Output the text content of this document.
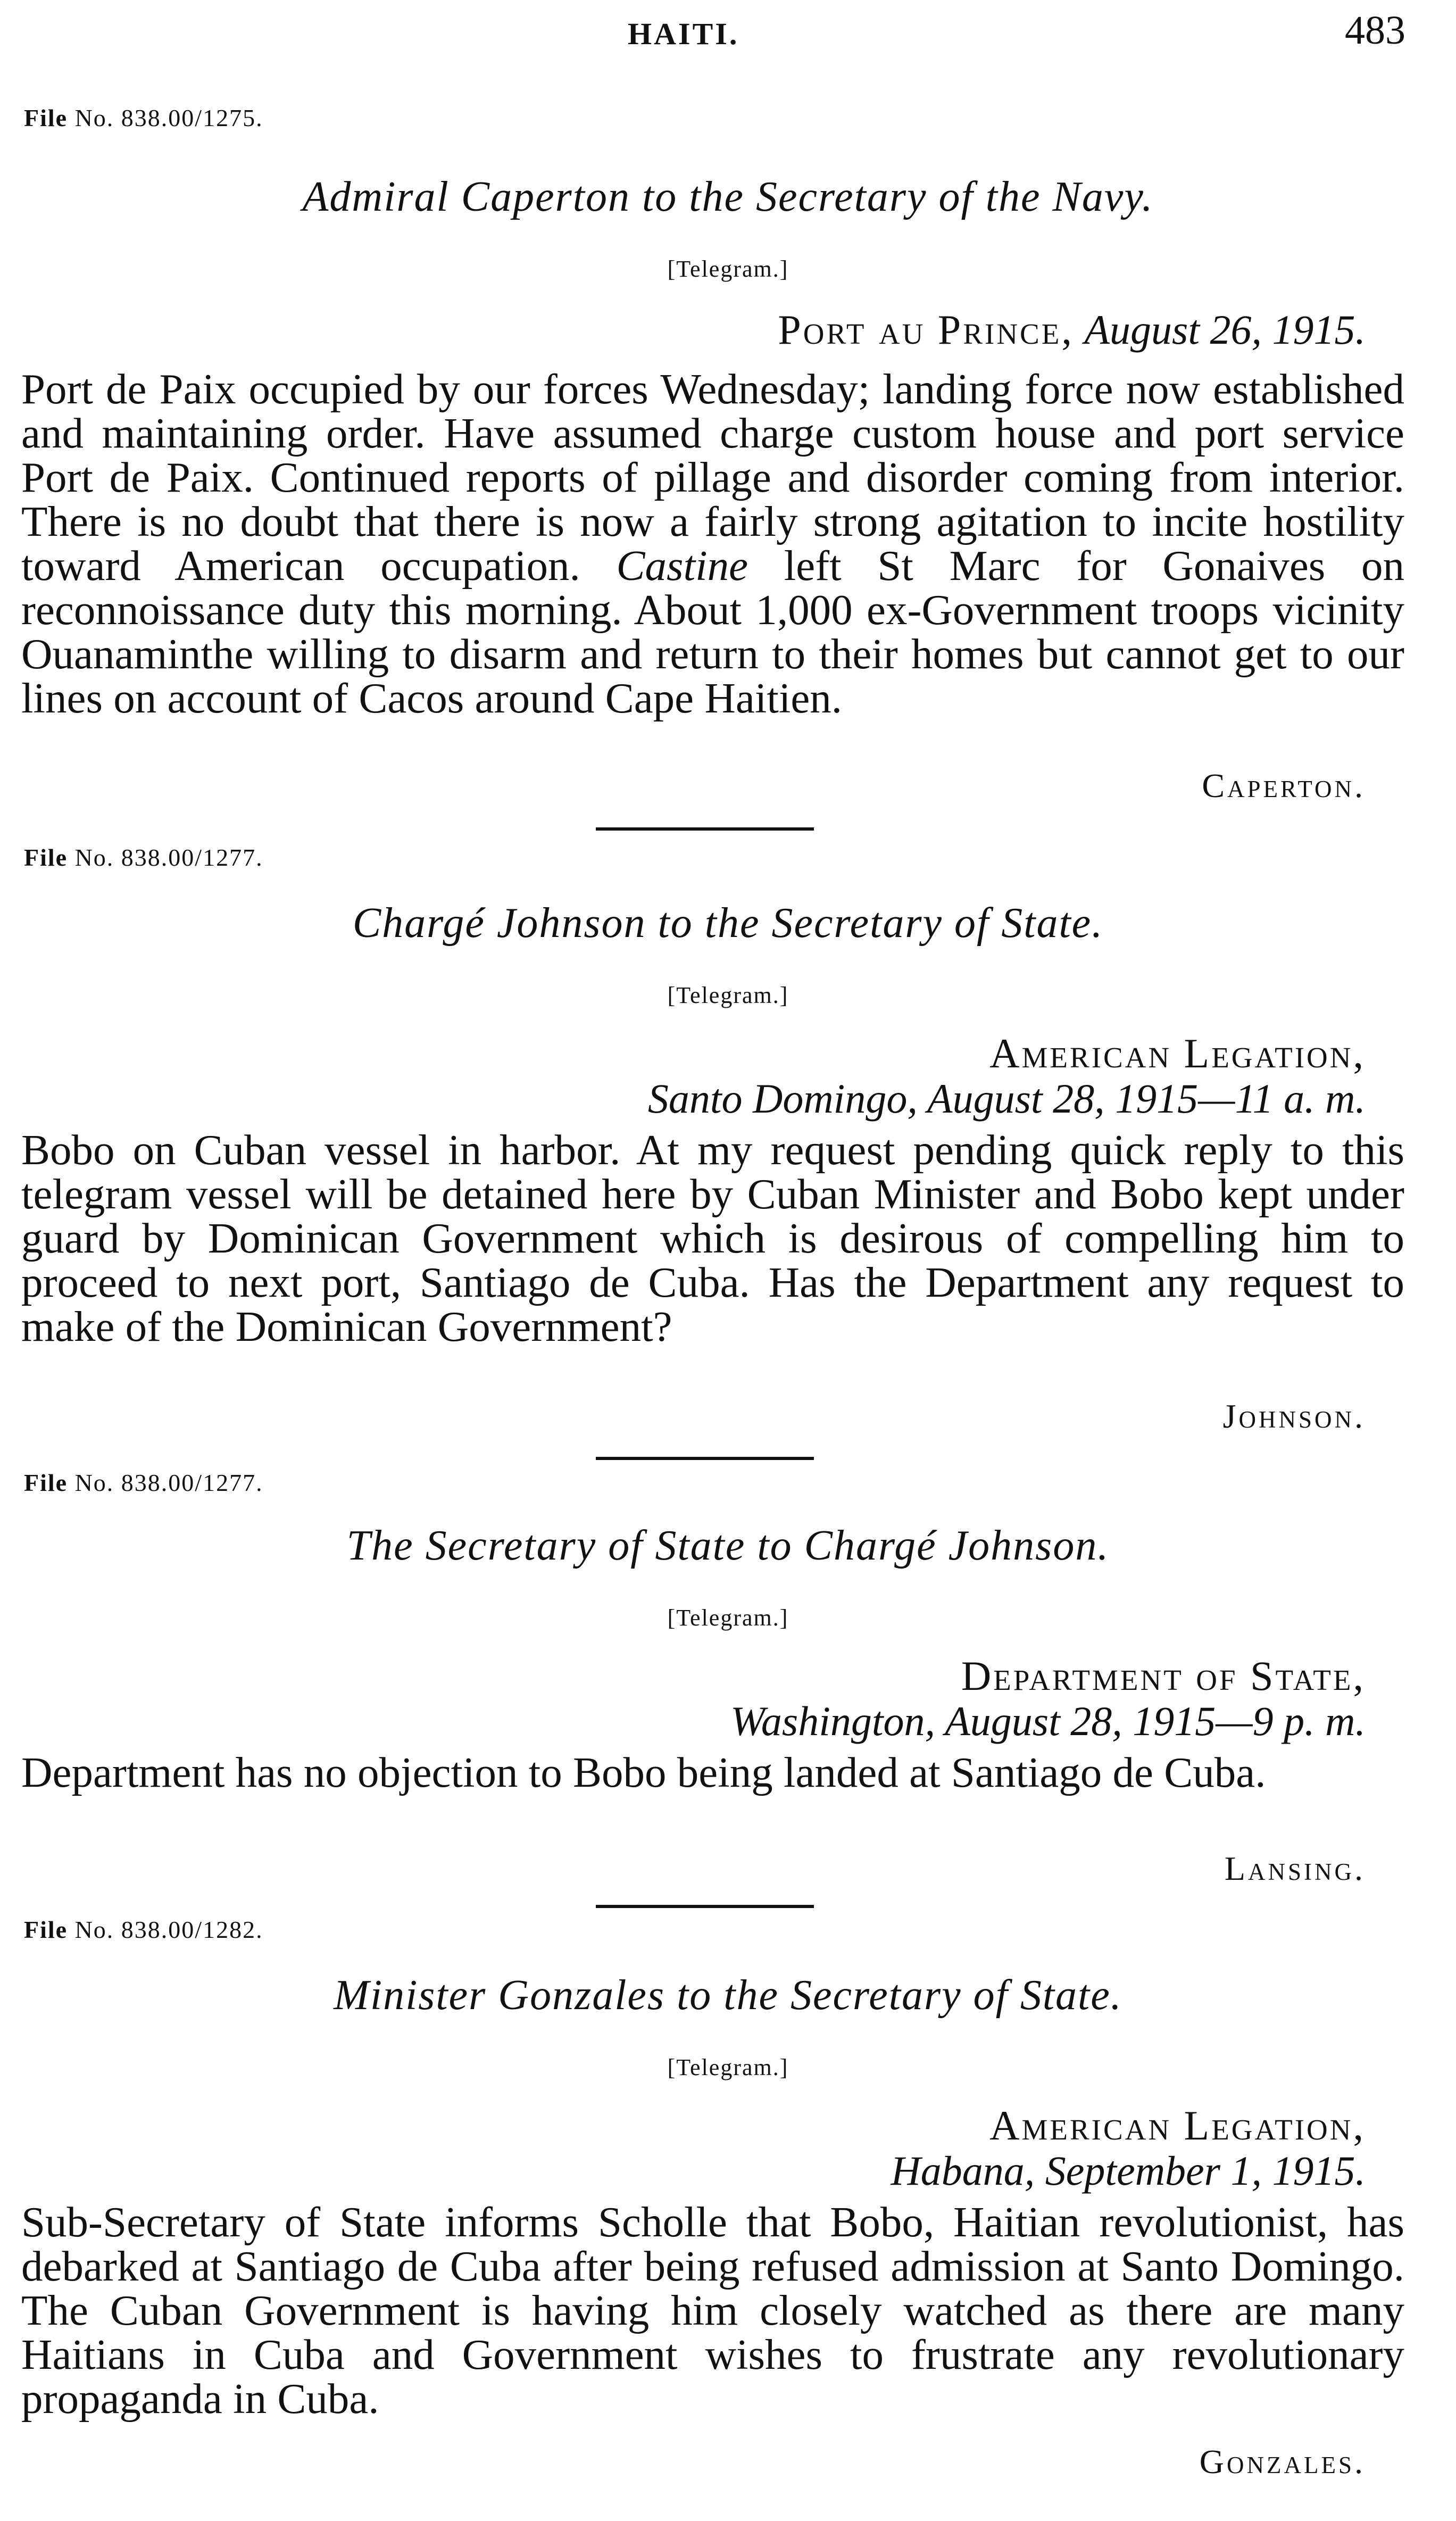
HAITI.	483
File No. 838.00/1275.
Admiral Caperton to the Secretary of the Navy.
[Telegram.]
Port au Prince, August 26, 1915.
Port de Paix occupied by our forces Wednesday; landing force now established and maintaining order. Have assumed charge custom house and port service Port de Paix. Continued reports of pillage and disorder coming from interior. There is no doubt that there is now a fairly strong agitation to incite hostility toward American occupation. Castine left St Marc for Gonaives on reconnoissance duty this morning. About 1,000 ex-Government troops vicinity Ouanaminthe willing to disarm and return to their homes but cannot get to our lines on account of Cacos around Cape Haitien.
Caperton.
File No. 838.00/1277.
Chargé Johnson to the Secretary of State.
[Telegram.]
American Legation,
Santo Domingo, August 28, 1915—11 a. m.
Bobo on Cuban vessel in harbor. At my request pending quick reply to this telegram vessel will be detained here by Cuban Minister and Bobo kept under guard by Dominican Government which is desirous of compelling him to proceed to next port, Santiago de Cuba. Has the Department any request to make of the Dominican Government?
Johnson.
File No. 838.00/1277.
The Secretary of State to Chargé Johnson.
[Telegram.]
Department of State,
Washington, August 28, 1915—9 p. m.
Department has no objection to Bobo being landed at Santiago de Cuba.
Lansing.
File No. 838.00/1282.
Minister Gonzales to the Secretary of State.
[Telegram.]
American Legation,
Habana, September 1, 1915.
Sub-Secretary of State informs Scholle that Bobo, Haitian revolutionist, has debarked at Santiago de Cuba after being refused admission at Santo Domingo. The Cuban Government is having him closely watched as there are many Haitians in Cuba and Government wishes to frustrate any revolutionary propaganda in Cuba.
Gonzales.
